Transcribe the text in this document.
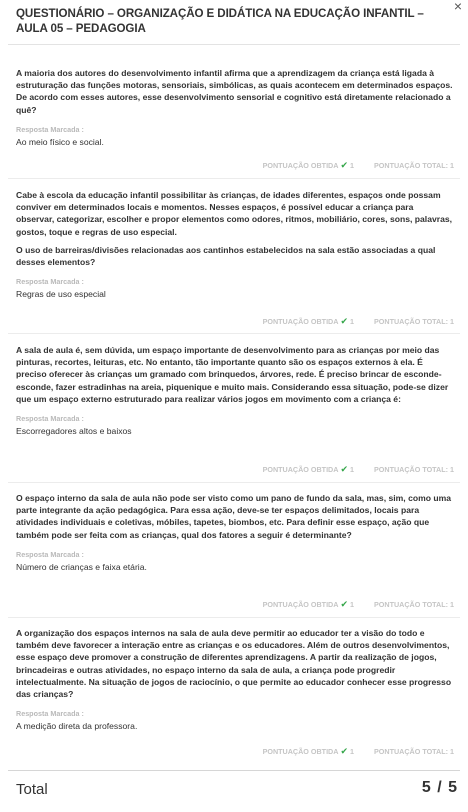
×
QUESTIONÁRIO – ORGANIZAÇÃO E DIDÁTICA NA EDUCAÇÃO INFANTIL – AULA 05 – PEDAGOGIA

A maioria dos autores do desenvolvimento infantil afirma que a aprendizagem da criança está ligada à estruturação das funções motoras, sensoriais, simbólicas, as quais acontecem em determinados espaços. De acordo com esses autores, esse desenvolvimento sensorial e cognitivo está diretamente relacionado a quê?

Resposta Marcada :
Ao meio físico e social.
PONTUAÇÃO OBTIDA ✔ 1	PONTUAÇÃO TOTAL: 1

Cabe à escola da educação infantil possibilitar às crianças, de idades diferentes, espaços onde possam conviver em determinados locais e momentos. Nesses espaços, é possível educar a criança para observar, categorizar, escolher e propor elementos como odores, ritmos, mobiliário, cores, sons, palavras, gostos, toque e regras de uso especial.

O uso de barreiras/divisões relacionadas aos cantinhos estabelecidos na sala estão associadas a qual desses elementos?

Resposta Marcada :
Regras de uso especial
PONTUAÇÃO OBTIDA ✔ 1	PONTUAÇÃO TOTAL: 1

A sala de aula é, sem dúvida, um espaço importante de desenvolvimento para as crianças por meio das pinturas, recortes, leituras, etc. No entanto, tão importante quanto são os espaços externos à ela. É preciso oferecer às crianças um gramado com brinquedos, árvores, rede. É preciso brincar de esconde-esconde, fazer estradinhas na areia, piquenique e muito mais. Considerando essa situação, pode-se dizer que um espaço externo estruturado para realizar vários jogos em movimento com a criança é:

Resposta Marcada :
Escorregadores altos e baixos
PONTUAÇÃO OBTIDA ✔ 1	PONTUAÇÃO TOTAL: 1

O espaço interno da sala de aula não pode ser visto como um pano de fundo da sala, mas, sim, como uma parte integrante da ação pedagógica. Para essa ação, deve-se ter espaços delimitados, locais para atividades individuais e coletivas, móbiles, tapetes, biombos, etc. Para definir esse espaço, ação que também pode ser feita com as crianças, qual dos fatores a seguir é determinante?

Resposta Marcada :
Número de crianças e faixa etária.
PONTUAÇÃO OBTIDA ✔ 1	PONTUAÇÃO TOTAL: 1

A organização dos espaços internos na sala de aula deve permitir ao educador ter a visão do todo e também deve favorecer a interação entre as crianças e os educadores. Além de outros desenvolvimentos, esse espaço deve promover a construção de diferentes aprendizagens. A partir da realização de jogos, brincadeiras e outras atividades, no espaço interno da sala de aula, a criança pode progredir intelectualmente. Na situação de jogos de raciocínio, o que permite ao educador conhecer esse progresso das crianças?

Resposta Marcada :
A medição direta da professora.
PONTUAÇÃO OBTIDA ✔ 1	PONTUAÇÃO TOTAL: 1
Total	5 / 5
